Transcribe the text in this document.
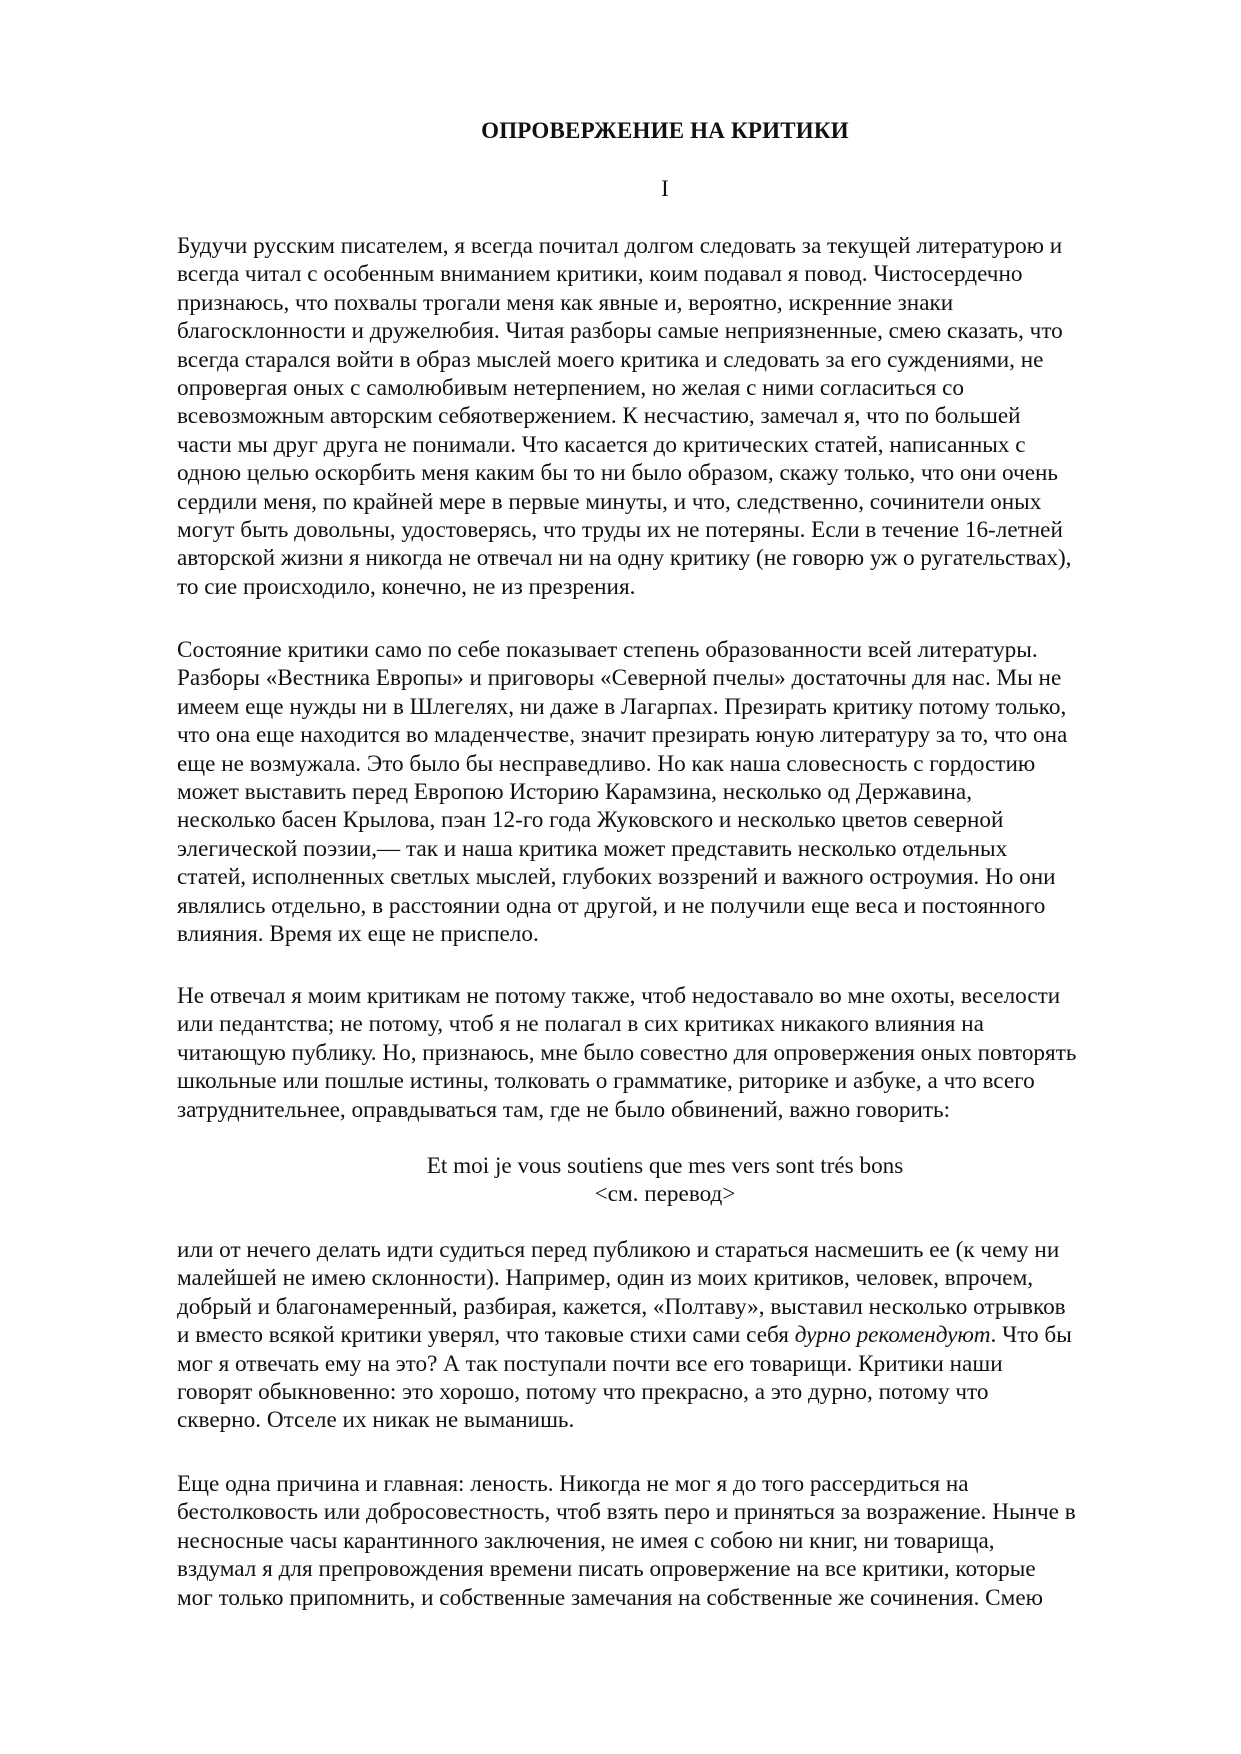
ОПРОВЕРЖЕНИЕ НА КРИТИКИ
I

Будучи русским писателем, я всегда почитал долгом следовать за текущей литературою и
всегда читал с особенным вниманием критики, коим подавал я повод. Чистосердечно
признаюсь, что похвалы трогали меня как явные и, вероятно, искренние знаки
благосклонности и дружелюбия. Читая разборы самые неприязненные, смею сказать, что
всегда старался войти в образ мыслей моего критика и следовать за его суждениями, не
опровергая оных с самолюбивым нетерпением, но желая с ними согласиться со
всевозможным авторским себяотвержением. К несчастию, замечал я, что по большей
части мы друг друга не понимали. Что касается до критических статей, написанных с
одною целью оскорбить меня каким бы то ни было образом, скажу только, что они очень
сердили меня, по крайней мере в первые минуты, и что, следственно, сочинители оных
могут быть довольны, удостоверясь, что труды их не потеряны. Если в течение 16-летней
авторской жизни я никогда не отвечал ни на одну критику (не говорю уж о ругательствах),
то сие происходило, конечно, не из презрения.

Состояние критики само по себе показывает степень образованности всей литературы.
Разборы «Вестника Европы» и приговоры «Северной пчелы» достаточны для нас. Мы не
имеем еще нужды ни в Шлегелях, ни даже в Лагарпах. Презирать критику потому только,
что она еще находится во младенчестве, значит презирать юную литературу за то, что она
еще не возмужала. Это было бы несправедливо. Но как наша словесность с гордостию
может выставить перед Европою Историю Карамзина, несколько од Державина,
несколько басен Крылова, пэан 12-го года Жуковского и несколько цветов северной
элегической поэзии,— так и наша критика может представить несколько отдельных
статей, исполненных светлых мыслей, глубоких воззрений и важного остроумия. Но они
являлись отдельно, в расстоянии одна от другой, и не получили еще веса и постоянного
влияния. Время их еще не приспело.

Не отвечал я моим критикам не потому также, чтоб недоставало во мне охоты, веселости
или педантства; не потому, чтоб я не полагал в сих критиках никакого влияния на
читающую публику. Но, признаюсь, мне было совестно для опровержения оных повторять
школьные или пошлые истины, толковать о грамматике, риторике и азбуке, а что всего
затруднительнее, оправдываться там, где не было обвинений, важно говорить:

Et moi je vous soutiens que mes vers sont trés bons
<см. перевод>

или от нечего делать идти судиться перед публикою и стараться насмешить ее (к чему ни
малейшей не имею склонности). Например, один из моих критиков, человек, впрочем,
добрый и благонамеренный, разбирая, кажется, «Полтаву», выставил несколько отрывков
и вместо всякой критики уверял, что таковые стихи сами себя дурно рекомендуют. Что бы
мог я отвечать ему на это? А так поступали почти все его товарищи. Критики наши
говорят обыкновенно: это хорошо, потому что прекрасно, а это дурно, потому что
скверно. Отселе их никак не выманишь.

Еще одна причина и главная: леность. Никогда не мог я до того рассердиться на
бестолковость или добросовестность, чтоб взять перо и приняться за возражение. Нынче в
несносные часы карантинного заключения, не имея с собою ни книг, ни товарища,
вздумал я для препровождения времени писать опровержение на все критики, которые
мог только припомнить, и собственные замечания на собственные же сочинения. Смею
